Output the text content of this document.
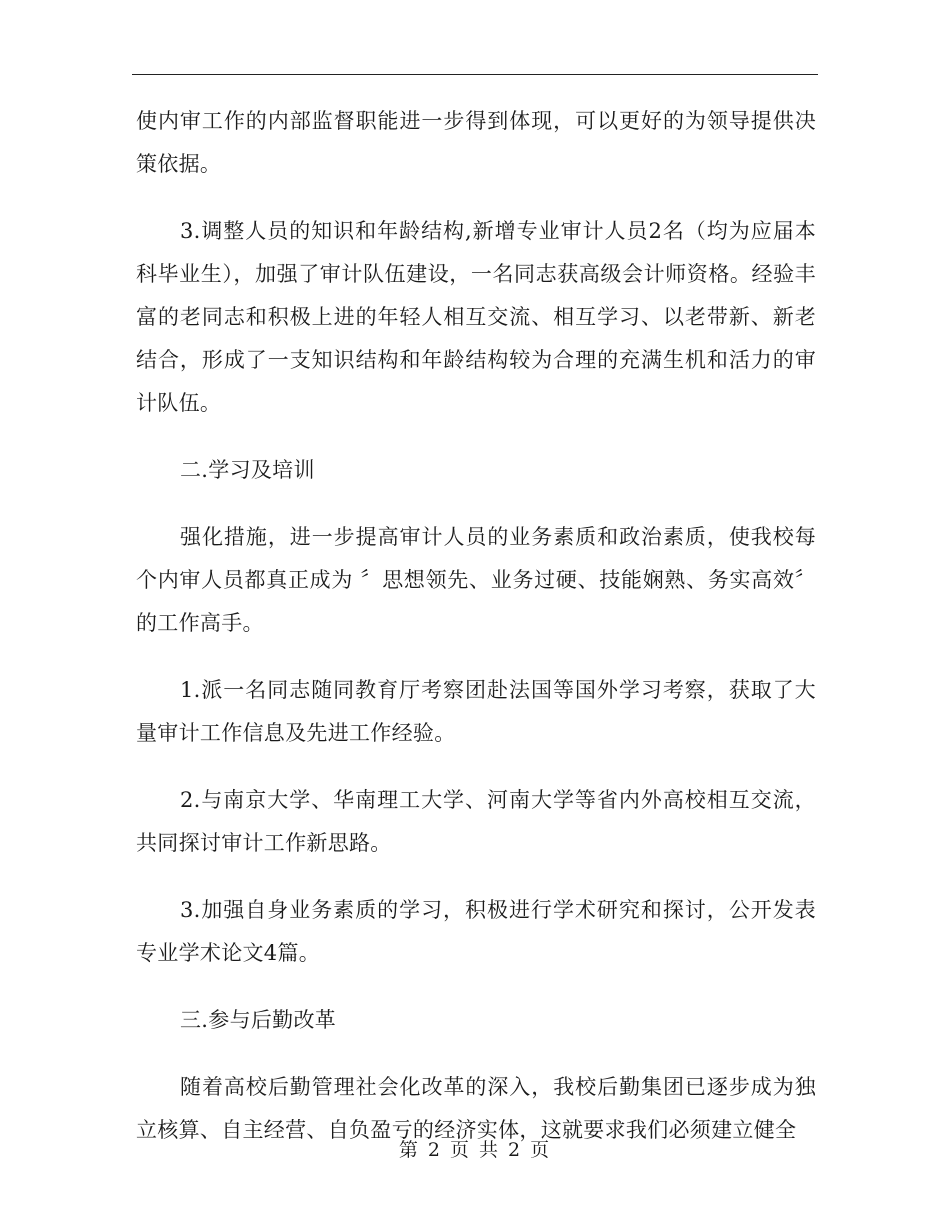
使内审工作的内部监督职能进一步得到体现，可以更好的为领导提供决策依据。

3.调整人员的知识和年龄结构,新增专业审计人员2名（均为应届本科毕业生），加强了审计队伍建设，一名同志获高级会计师资格。经验丰富的老同志和积极上进的年轻人相互交流、相互学习、以老带新、新老结合，形成了一支知识结构和年龄结构较为合理的充满生机和活力的审计队伍。

二.学习及培训

强化措施，进一步提高审计人员的业务素质和政治素质，使我校每个内审人员都真正成为 〞思想领先、业务过硬、技能娴熟、务实高效〞的工作高手。

1.派一名同志随同教育厅考察团赴法国等国外学习考察，获取了大量审计工作信息及先进工作经验。

2.与南京大学、华南理工大学、河南大学等省内外高校相互交流，共同探讨审计工作新思路。

3.加强自身业务素质的学习，积极进行学术研究和探讨，公开发表专业学术论文4篇。

三.参与后勤改革

随着高校后勤管理社会化改革的深入，我校后勤集团已逐步成为独立核算、自主经营、自负盈亏的经济实体，这就要求我们必须建立健全

第 2 页 共 2 页
